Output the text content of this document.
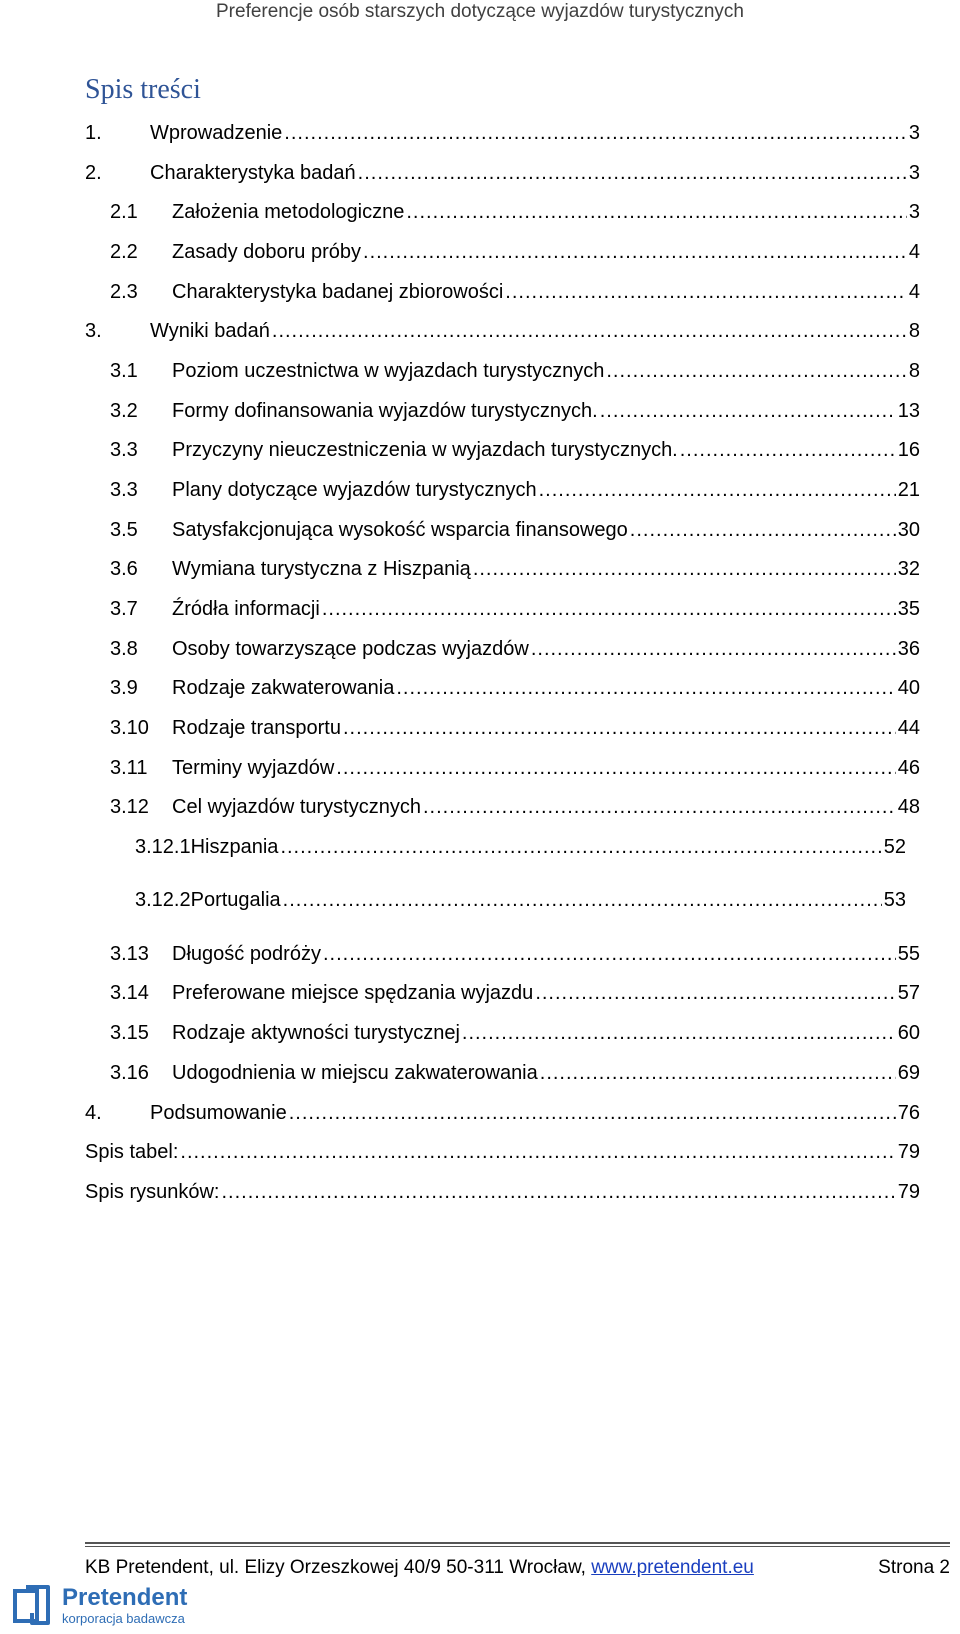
Preferencje osób starszych dotyczące wyjazdów turystycznych
Spis treści
1.	Wprowadzenie .....	3
2.	Charakterystyka badań .....	3
2.1	Założenia metodologiczne .....	3
2.2	Zasady doboru próby .....	4
2.3	Charakterystyka badanej zbiorowości .....	4
3.	Wyniki badań .....	8
3.1	Poziom uczestnictwa w wyjazdach turystycznych .....	8
3.2	Formy dofinansowania wyjazdów turystycznych. .....	13
3.3	Przyczyny nieuczestniczenia w wyjazdach turystycznych. .....	16
3.3	Plany dotyczące wyjazdów turystycznych .....	21
3.5	Satysfakcjonująca wysokość wsparcia finansowego .....	30
3.6	Wymiana turystyczna z Hiszpanią .....	32
3.7	Źródła informacji .....	35
3.8	Osoby towarzyszące podczas wyjazdów .....	36
3.9	Rodzaje zakwaterowania .....	40
3.10	Rodzaje transportu .....	44
3.11	Terminy wyjazdów .....	46
3.12	Cel wyjazdów turystycznych .....	48
3.12.1 Hiszpania .....	52
3.12.2 Portugalia .....	53
3.13	Długość podróży .....	55
3.14	Preferowane miejsce spędzania wyjazdu .....	57
3.15	Rodzaje aktywności turystycznej .....	60
3.16	Udogodnienia w miejscu zakwaterowania .....	69
4.	Podsumowanie .....	76
Spis tabel: .....	79
Spis rysunków: .....	79
KB Pretendent, ul. Elizy Orzeszkowej 40/9 50-311 Wrocław, www.pretendent.eu	Strona 2
Pretendent
korporacja badawcza
